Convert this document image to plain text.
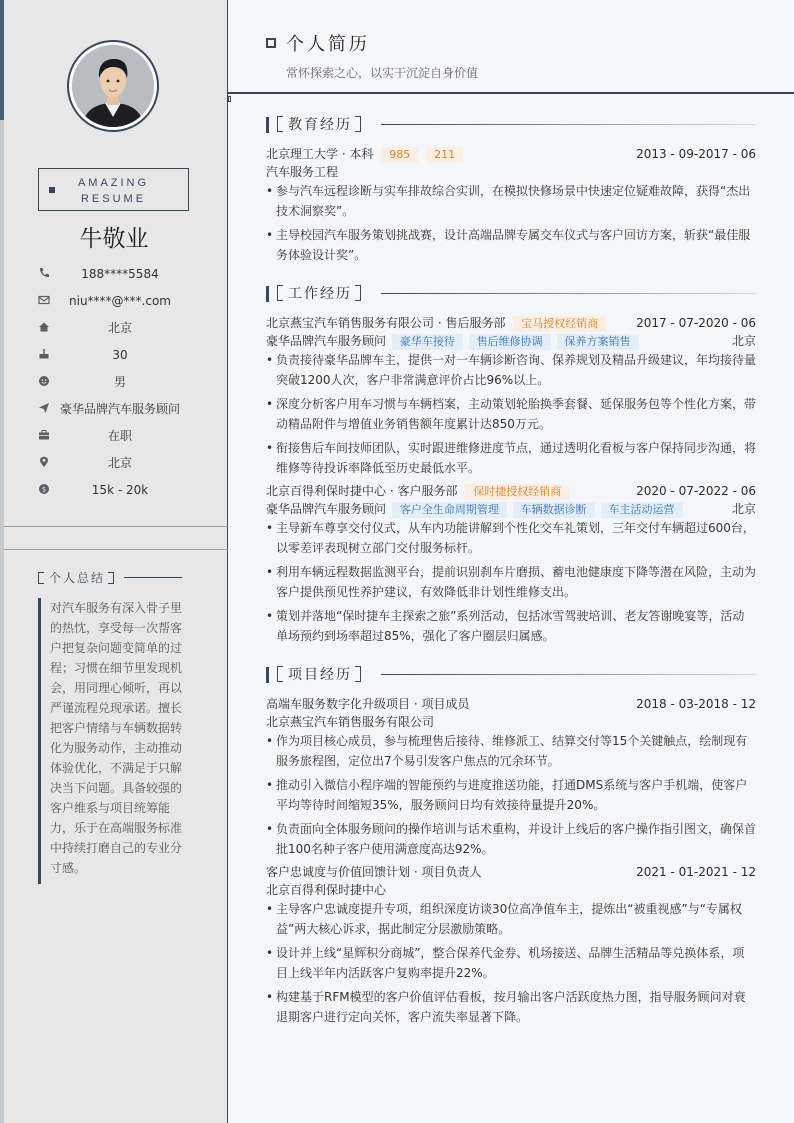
AMAZING
RESUME
牛敬业
188****5584
niu****@***.com
北京
30
男
豪华品牌汽车服务顾问
在职
北京
$	15k - 20k
个人总结
对汽车服务有深入骨子里的热忱，享受每一次帮客户把复杂问题变简单的过程；习惯在细节里发现机会，用同理心倾听，再以严谨流程兑现承诺。擅长把客户情绪与车辆数据转化为服务动作，主动推动体验优化，不满足于只解决当下问题。具备较强的客户维系与项目统筹能力，乐于在高端服务标准中持续打磨自己的专业分寸感。
个人简历
常怀探索之心，以实干沉淀自身价值
教育经历
北京理工大学 · 本科 985 211	2013 - 09-2017 - 06
汽车服务工程
• 参与汽车远程诊断与实车排故综合实训，在模拟快修场景中快速定位疑难故障，获得“杰出技术洞察奖”。
• 主导校园汽车服务策划挑战赛，设计高端品牌专属交车仪式与客户回访方案，斩获“最佳服务体验设计奖”。
工作经历
北京燕宝汽车销售服务有限公司 · 售后服务部 宝马授权经销商	2017 - 07-2020 - 06
豪华品牌汽车服务顾问 豪华车接待 售后维修协调 保养方案销售	北京
• 负责接待豪华品牌车主，提供一对一车辆诊断咨询、保养规划及精品升级建议，年均接待量突破1200人次，客户非常满意评价占比96%以上。
• 深度分析客户用车习惯与车辆档案，主动策划轮胎换季套餐、延保服务包等个性化方案，带动精品附件与增值业务销售额年度累计达850万元。
• 衔接售后车间技师团队，实时跟进维修进度节点，通过透明化看板与客户保持同步沟通，将维修等待投诉率降低至历史最低水平。
北京百得利保时捷中心 · 客户服务部 保时捷授权经销商	2020 - 07-2022 - 06
豪华品牌汽车服务顾问 客户全生命周期管理 车辆数据诊断 车主活动运营	北京
• 主导新车尊享交付仪式，从车内功能讲解到个性化交车礼策划，三年交付车辆超过600台，以零差评表现树立部门交付服务标杆。
• 利用车辆远程数据监测平台，提前识别刹车片磨损、蓄电池健康度下降等潜在风险，主动为客户提供预见性养护建议，有效降低非计划性维修支出。
• 策划并落地“保时捷车主探索之旅”系列活动，包括冰雪驾驶培训、老友答谢晚宴等，活动单场预约到场率超过85%，强化了客户圈层归属感。
项目经历
高端车服务数字化升级项目 · 项目成员	2018 - 03-2018 - 12
北京燕宝汽车销售服务有限公司
• 作为项目核心成员，参与梳理售后接待、维修派工、结算交付等15个关键触点，绘制现有服务旅程图，定位出7个易引发客户焦点的冗余环节。
• 推动引入微信小程序端的智能预约与进度推送功能，打通DMS系统与客户手机端，使客户平均等待时间缩短35%，服务顾问日均有效接待量提升20%。
• 负责面向全体服务顾问的操作培训与话术重构，并设计上线后的客户操作指引图文，确保首批100名种子客户使用满意度高达92%。
客户忠诚度与价值回馈计划 · 项目负责人	2021 - 01-2021 - 12
北京百得利保时捷中心
• 主导客户忠诚度提升专项，组织深度访谈30位高净值车主，提炼出“被重视感”与“专属权益”两大核心诉求，据此制定分层激励策略。
• 设计并上线“星辉积分商城”，整合保养代金券、机场接送、品牌生活精品等兑换体系，项目上线半年内活跃客户复购率提升22%。
• 构建基于RFM模型的客户价值评估看板，按月输出客户活跃度热力图，指导服务顾问对衰退期客户进行定向关怀，客户流失率显著下降。
